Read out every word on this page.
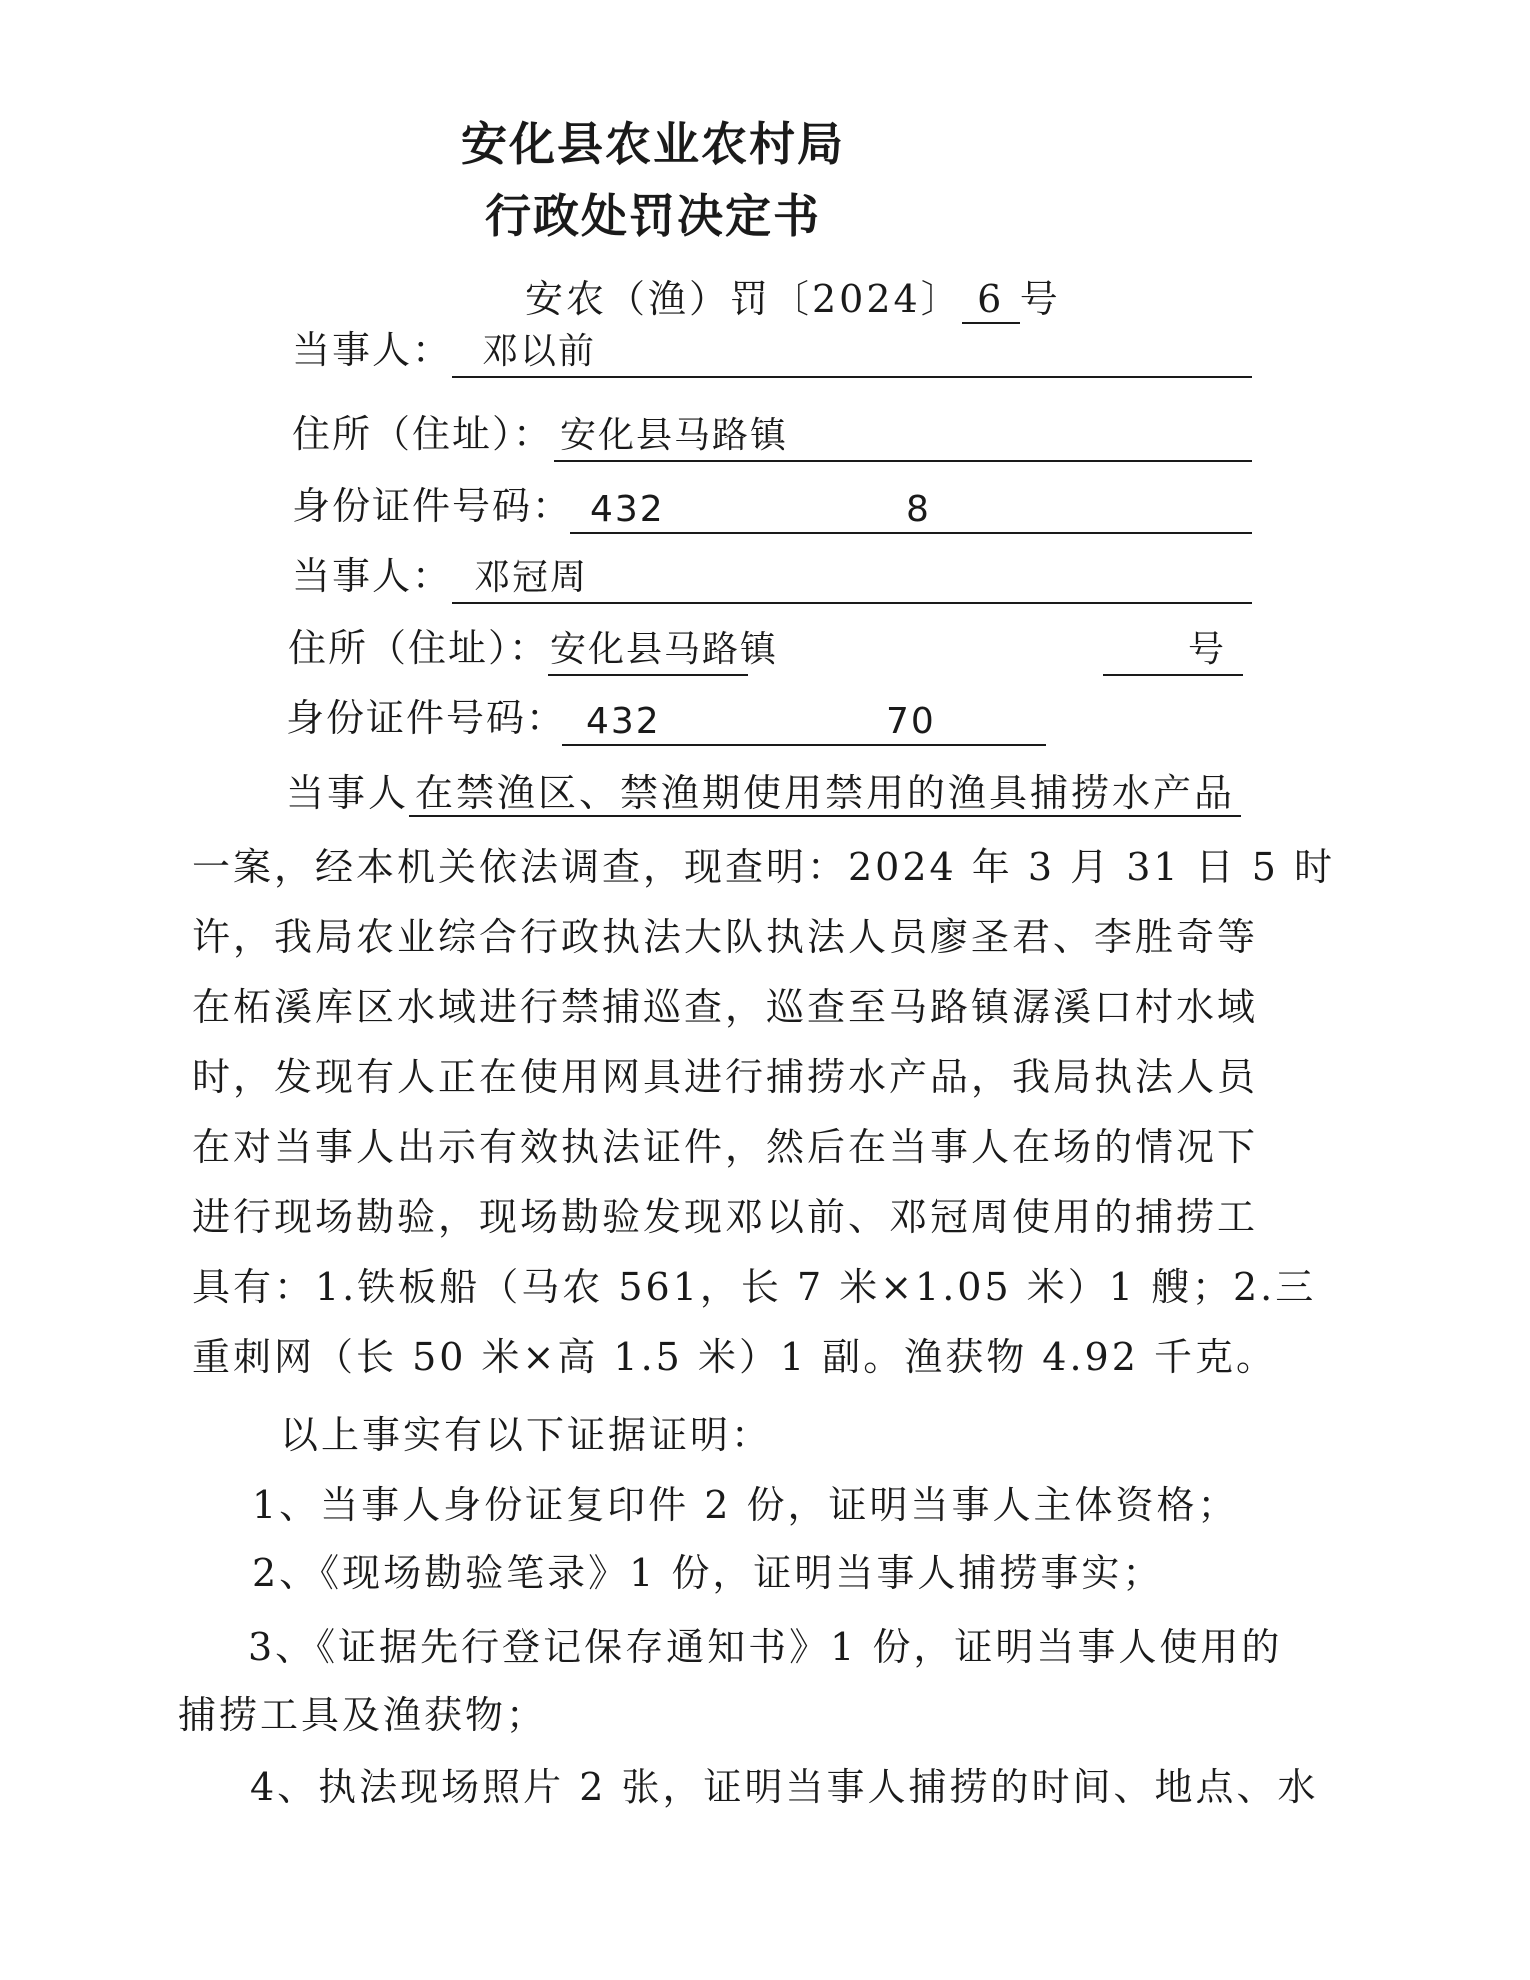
安化县农业农村局
行政处罚决定书
安农（渔）罚〔2024〕 6 号
当事人： 邓以前
住所（住址）： 安化县马路镇
身份证件号码： 432	8
当事人： 邓冠周
住所（住址）： 安化县马路镇	号
身份证件号码： 432	70
当事人 在禁渔区、禁渔期使用禁用的渔具捕捞水产品
一案，经本机关依法调查，现查明：2024 年 3 月 31 日 5 时
许，我局农业综合行政执法大队执法人员廖圣君、李胜奇等
在柘溪库区水域进行禁捕巡查，巡查至马路镇潺溪口村水域
时，发现有人正在使用网具进行捕捞水产品，我局执法人员
在对当事人出示有效执法证件，然后在当事人在场的情况下
进行现场勘验，现场勘验发现邓以前、邓冠周使用的捕捞工
具有：1.铁板船（马农 561，长 7 米×1.05 米）1 艘；2.三
重刺网（长 50 米×高 1.5 米）1 副。渔获物 4.92 千克。
以上事实有以下证据证明：
1、当事人身份证复印件 2 份，证明当事人主体资格；
2、《现场勘验笔录》1 份，证明当事人捕捞事实；
3、《证据先行登记保存通知书》1 份，证明当事人使用的
捕捞工具及渔获物；
4、执法现场照片 2 张，证明当事人捕捞的时间、地点、水
